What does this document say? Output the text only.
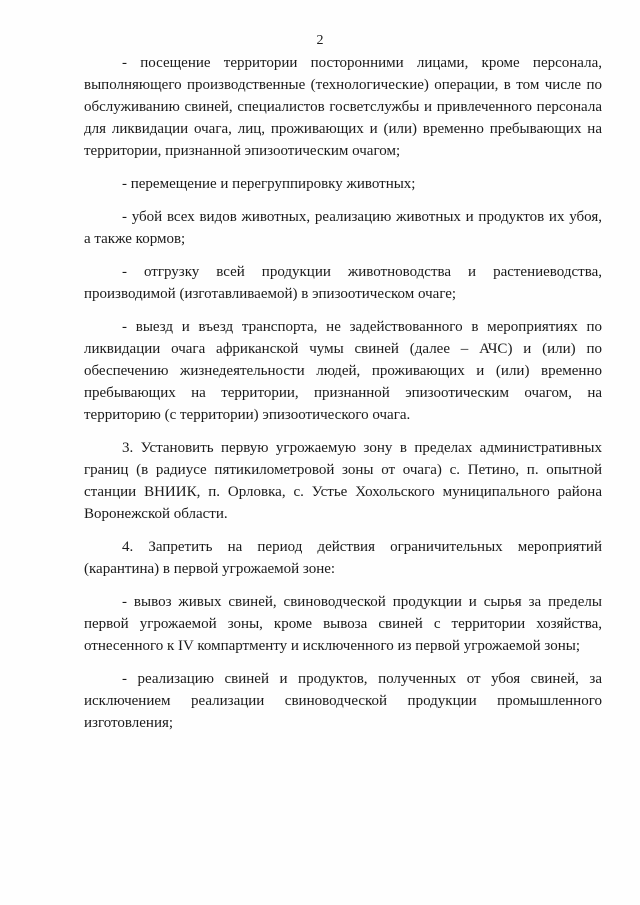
2

- посещение территории посторонними лицами, кроме персонала, выполняющего производственные (технологические) операции, в том числе по обслуживанию свиней, специалистов госветслужбы и привлеченного персонала для ликвидации очага, лиц, проживающих и (или) временно пребывающих на территории, признанной эпизоотическим очагом;

- перемещение и перегруппировку животных;

- убой всех видов животных, реализацию животных и продуктов их убоя, а также кормов;

- отгрузку всей продукции животноводства и растениеводства, производимой (изготавливаемой) в эпизоотическом очаге;

- выезд и въезд транспорта, не задействованного в мероприятиях по ликвидации очага африканской чумы свиней (далее – АЧС) и (или) по обеспечению жизнедеятельности людей, проживающих и (или) временно пребывающих на территории, признанной эпизоотическим очагом, на территорию (с территории) эпизоотического очага.

3. Установить первую угрожаемую зону в пределах административных границ (в радиусе пятикилометровой зоны от очага) с. Петино, п. опытной станции ВНИИК, п. Орловка, с. Устье Хохольского муниципального района Воронежской области.

4. Запретить на период действия ограничительных мероприятий (карантина) в первой угрожаемой зоне:

- вывоз живых свиней, свиноводческой продукции и сырья за пределы первой угрожаемой зоны, кроме вывоза свиней с территории хозяйства, отнесенного к IV компартменту и исключенного из первой угрожаемой зоны;

- реализацию свиней и продуктов, полученных от убоя свиней, за исключением реализации свиноводческой продукции промышленного изготовления;
